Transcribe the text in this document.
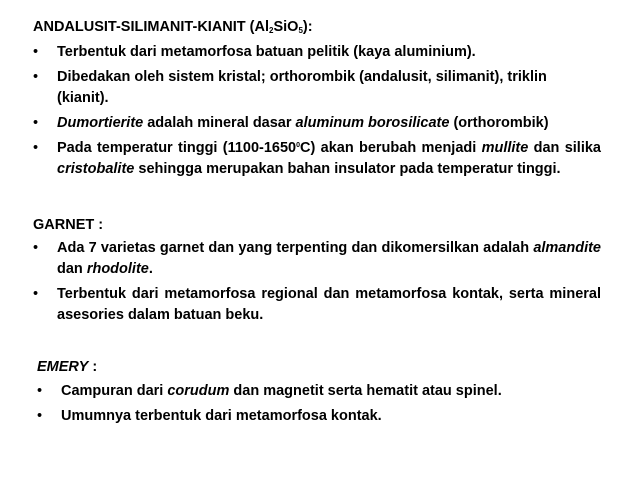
ANDALUSIT-SILIMANIT-KIANIT $(Al_2SiO_5)$:
• Terbentuk dari metamorfosa batuan pelitik (kaya aluminium).
• Dibedakan oleh sistem kristal; orthorombik (andalusit, silimanit), triklin (kianit).
• Dumortierite adalah mineral dasar aluminum borosilicate (orthorombik)
• Pada temperatur tinggi (1100-1650$^0$C) akan berubah menjadi mullite dan silika cristobalite sehingga merupakan bahan insulator pada temperatur tinggi.
GARNET :
• Ada 7 varietas garnet dan yang terpenting dan dikomersilkan adalah almandite dan rhodolite.
• Terbentuk dari metamorfosa regional dan metamorfosa kontak, serta mineral asesories dalam batuan beku.
EMERY :
• Campuran dari corudum dan magnetit serta hematit atau spinel.
• Umumnya terbentuk dari metamorfosa kontak.
